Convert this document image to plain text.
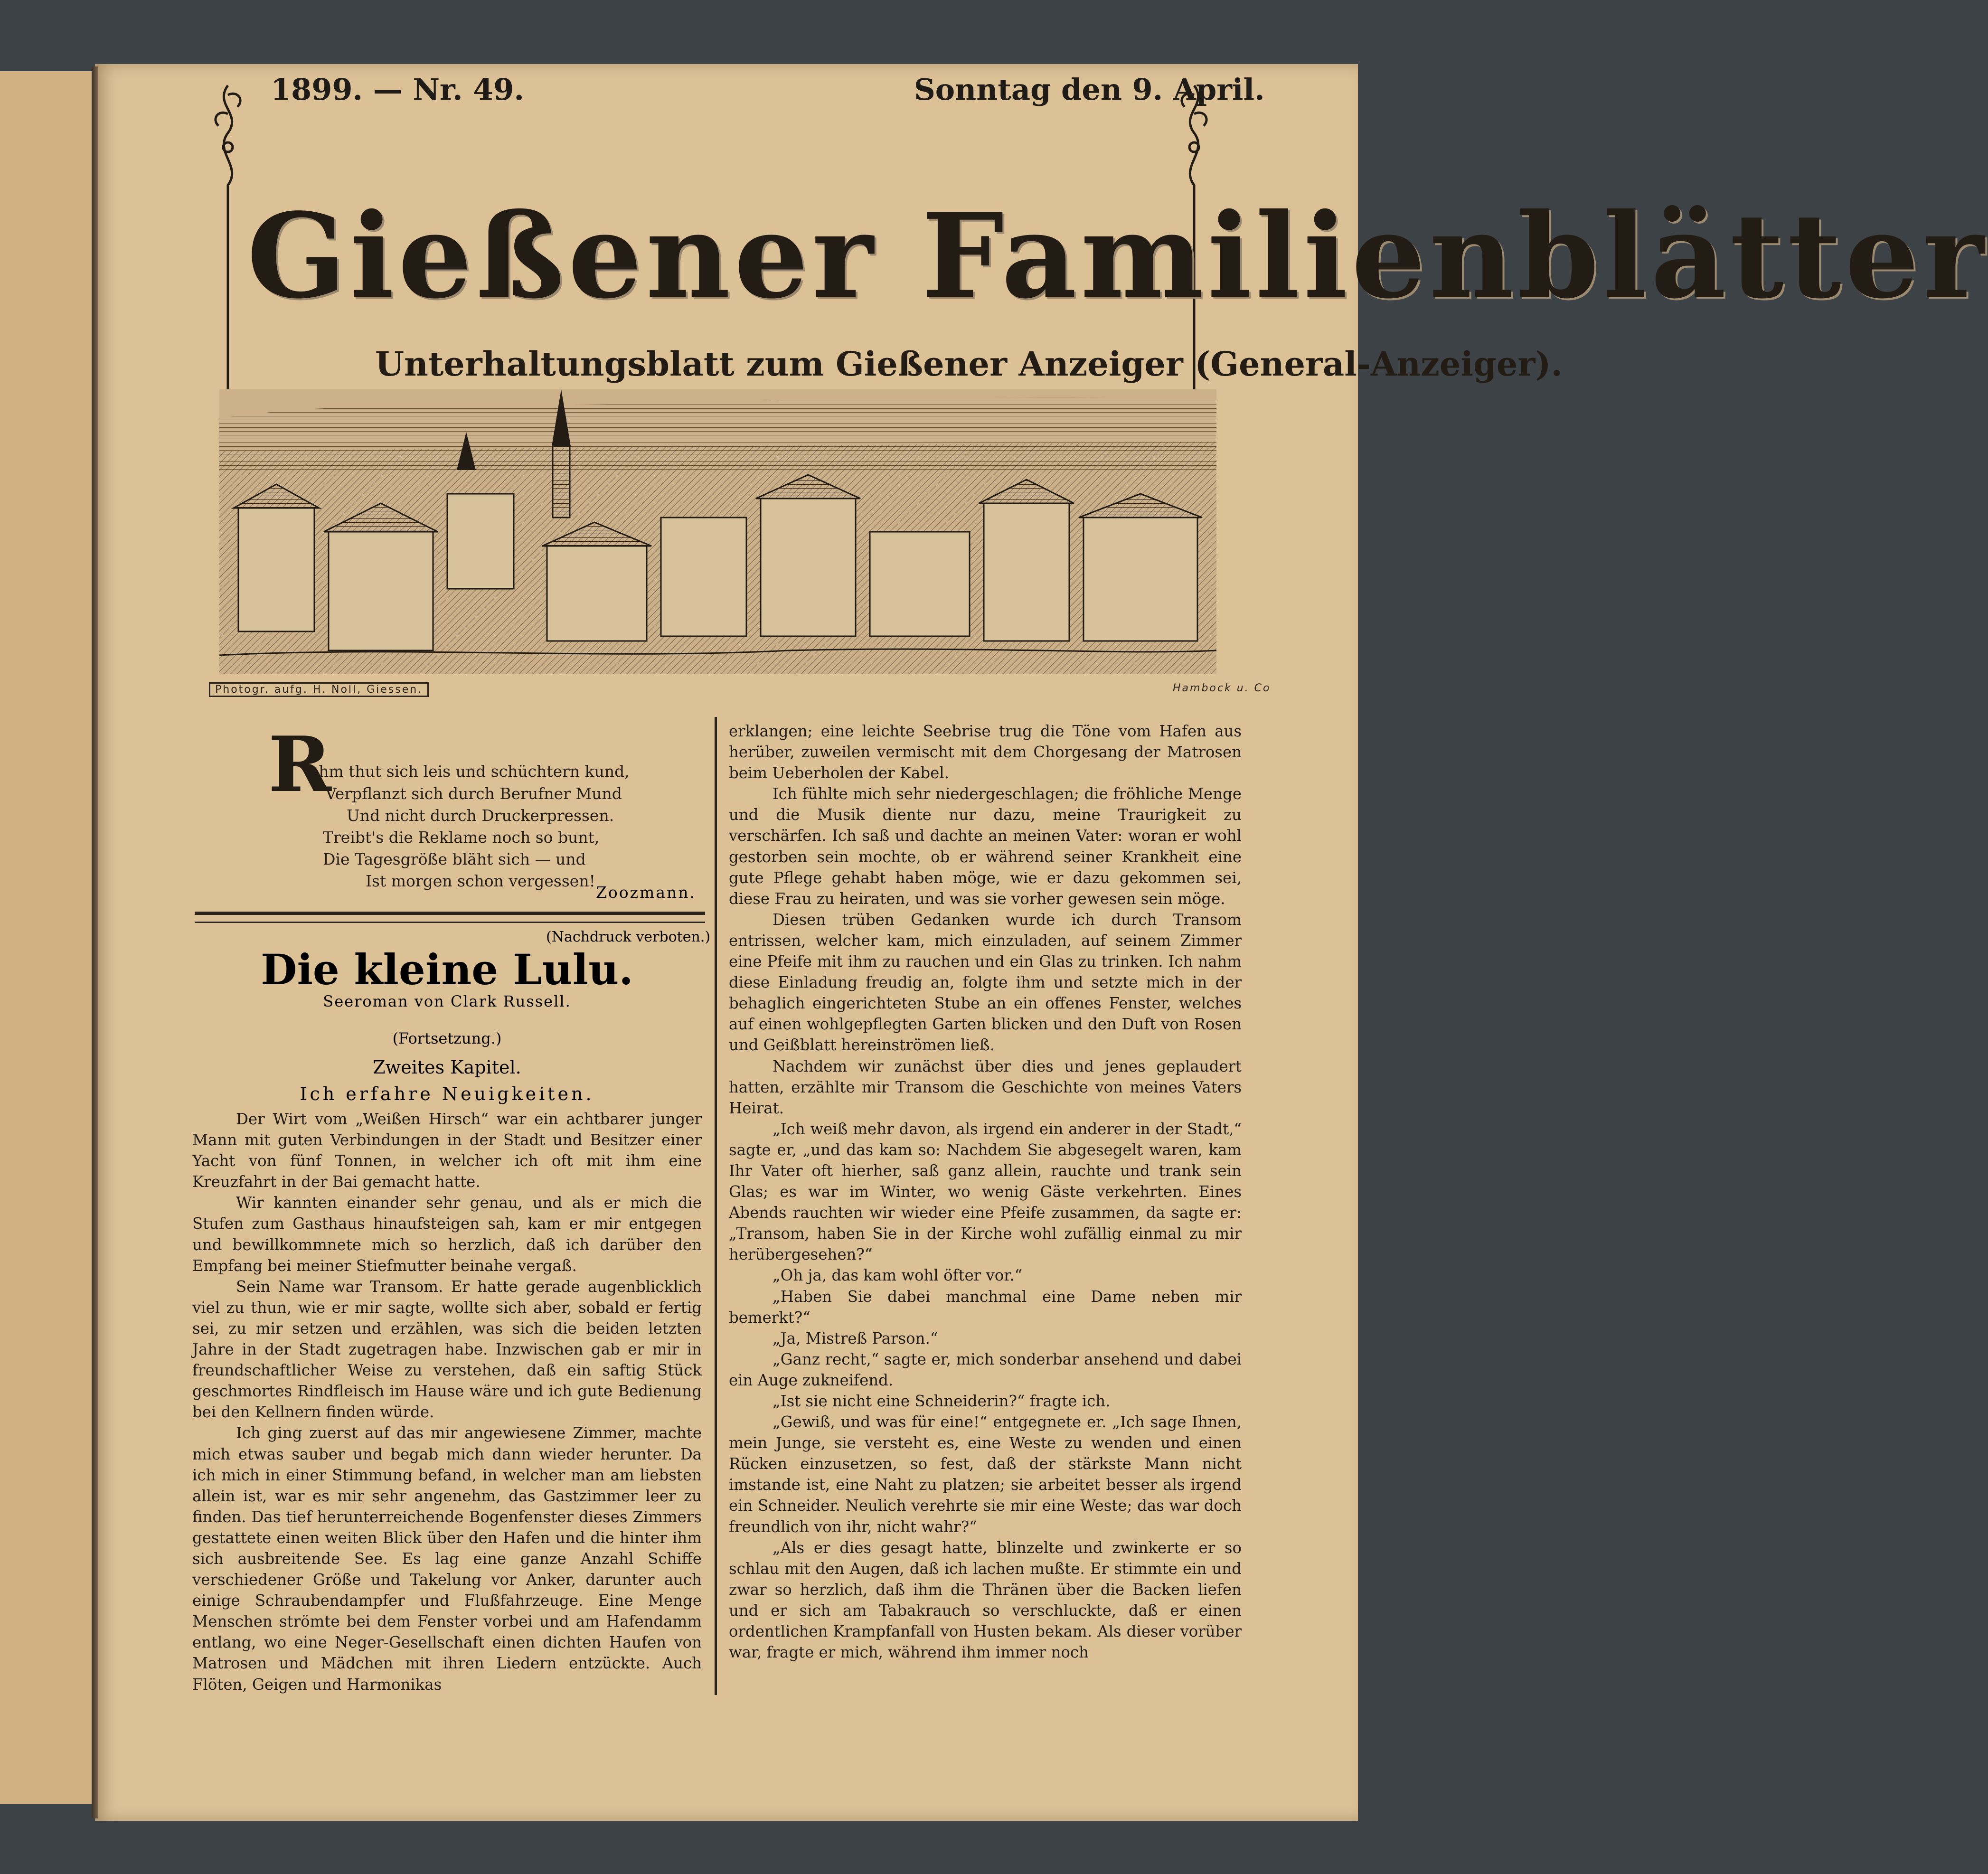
1899. — Nr. 49.	Sonntag den 9. April.
Gießener Familienblätter
Unterhaltungsblatt zum Gießener Anzeiger (General-Anzeiger).
Photogr. aufg. H. Noll, Giessen.	Hambock u. Co
R
uhm thut sich leis und schüchtern kund,
Verpflanzt sich durch Berufner Mund
Und nicht durch Druckerpressen.
Treibt's die Reklame noch so bunt,
Die Tagesgröße bläht sich — und
Ist morgen schon vergessen!
Zoozmann.
(Nachdruck verboten.)
Die kleine Lulu.
Seeroman von Clark Russell.
(Fortsetzung.)
Zweites Kapitel.
Ich erfahre Neuigkeiten.

Der Wirt vom „Weißen Hirsch“ war ein achtbarer junger Mann mit guten Verbindungen in der Stadt und Besitzer einer Yacht von fünf Tonnen, in welcher ich oft mit ihm eine Kreuzfahrt in der Bai gemacht hatte.

Wir kannten einander sehr genau, und als er mich die Stufen zum Gasthaus hinaufsteigen sah, kam er mir entgegen und bewillkommnete mich so herzlich, daß ich darüber den Empfang bei meiner Stiefmutter beinahe vergaß.

Sein Name war Transom. Er hatte gerade augenblicklich viel zu thun, wie er mir sagte, wollte sich aber, sobald er fertig sei, zu mir setzen und erzählen, was sich die beiden letzten Jahre in der Stadt zugetragen habe. Inzwischen gab er mir in freundschaftlicher Weise zu verstehen, daß ein saftig Stück geschmortes Rindfleisch im Hause wäre und ich gute Bedienung bei den Kellnern finden würde.

Ich ging zuerst auf das mir angewiesene Zimmer, machte mich etwas sauber und begab mich dann wieder herunter. Da ich mich in einer Stimmung befand, in welcher man am liebsten allein ist, war es mir sehr angenehm, das Gastzimmer leer zu finden. Das tief herunterreichende Bogenfenster dieses Zimmers gestattete einen weiten Blick über den Hafen und die hinter ihm sich ausbreitende See. Es lag eine ganze Anzahl Schiffe verschiedener Größe und Takelung vor Anker, darunter auch einige Schraubendampfer und Flußfahrzeuge. Eine Menge Menschen strömte bei dem Fenster vorbei und am Hafendamm entlang, wo eine Neger-Gesellschaft einen dichten Haufen von Matrosen und Mädchen mit ihren Liedern entzückte. Auch Flöten, Geigen und Harmonikas

erklangen; eine leichte Seebrise trug die Töne vom Hafen aus herüber, zuweilen vermischt mit dem Chorgesang der Matrosen beim Ueberholen der Kabel.

Ich fühlte mich sehr niedergeschlagen; die fröhliche Menge und die Musik diente nur dazu, meine Traurigkeit zu verschärfen. Ich saß und dachte an meinen Vater: woran er wohl gestorben sein mochte, ob er während seiner Krankheit eine gute Pflege gehabt haben möge, wie er dazu gekommen sei, diese Frau zu heiraten, und was sie vorher gewesen sein möge.

Diesen trüben Gedanken wurde ich durch Transom entrissen, welcher kam, mich einzuladen, auf seinem Zimmer eine Pfeife mit ihm zu rauchen und ein Glas zu trinken. Ich nahm diese Einladung freudig an, folgte ihm und setzte mich in der behaglich eingerichteten Stube an ein offenes Fenster, welches auf einen wohlgepflegten Garten blicken und den Duft von Rosen und Geißblatt hereinströmen ließ.

Nachdem wir zunächst über dies und jenes geplaudert hatten, erzählte mir Transom die Geschichte von meines Vaters Heirat.

„Ich weiß mehr davon, als irgend ein anderer in der Stadt,“ sagte er, „und das kam so: Nachdem Sie abgesegelt waren, kam Ihr Vater oft hierher, saß ganz allein, rauchte und trank sein Glas; es war im Winter, wo wenig Gäste verkehrten. Eines Abends rauchten wir wieder eine Pfeife zusammen, da sagte er: „Transom, haben Sie in der Kirche wohl zufällig einmal zu mir herübergesehen?“

„Oh ja, das kam wohl öfter vor.“

„Haben Sie dabei manchmal eine Dame neben mir bemerkt?“

„Ja, Mistreß Parson.“

„Ganz recht,“ sagte er, mich sonderbar ansehend und dabei ein Auge zukneifend.

„Ist sie nicht eine Schneiderin?“ fragte ich.

„Gewiß, und was für eine!“ entgegnete er. „Ich sage Ihnen, mein Junge, sie versteht es, eine Weste zu wenden und einen Rücken einzusetzen, so fest, daß der stärkste Mann nicht imstande ist, eine Naht zu platzen; sie arbeitet besser als irgend ein Schneider. Neulich verehrte sie mir eine Weste; das war doch freundlich von ihr, nicht wahr?“

„Als er dies gesagt hatte, blinzelte und zwinkerte er so schlau mit den Augen, daß ich lachen mußte. Er stimmte ein und zwar so herzlich, daß ihm die Thränen über die Backen liefen und er sich am Tabakrauch so verschluckte, daß er einen ordentlichen Krampfanfall von Husten bekam. Als dieser vorüber war, fragte er mich, während ihm immer noch
